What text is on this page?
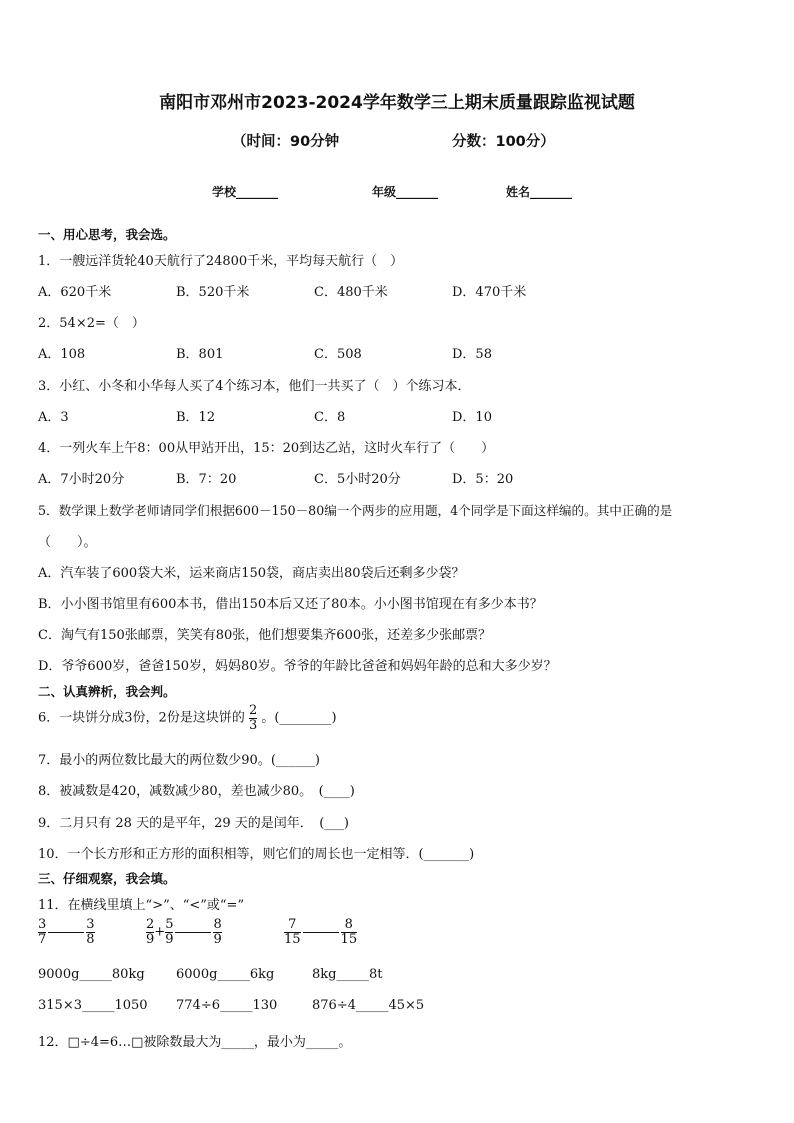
南阳市邓州市2023-2024学年数学三上期末质量跟踪监视试题
（时间：90分钟	分数：100分）
学校_______	年级_______	姓名_______
一、用心思考，我会选。
1．一艘远洋货轮40天航行了24800千米，平均每天航行（　）
A．620千米	B．520千米	C．480千米	D．470千米
2．54×2=（　）
A．108	B．801	C．508	D．58
3．小红、小冬和小华每人买了4个练习本，他们一共买了（　）个练习本．
A．3	B．12	C．8	D．10
4．一列火车上午8：00从甲站开出，15：20到达乙站，这时火车行了（　　）
A．7小时20分	B．7：20	C．5小时20分	D．5：20
5．数学课上数学老师请同学们根据600－150－80编一个两步的应用题，4个同学是下面这样编的。其中正确的是
（　　）。
A．汽车装了600袋大米，运来商店150袋，商店卖出80袋后还剩多少袋？
B．小小图书馆里有600本书，借出150本后又还了80本。小小图书馆现在有多少本书？
C．淘气有150张邮票，笑笑有80张，他们想要集齐600张，还差多少张邮票？
D．爷爷600岁，爸爸150岁，妈妈80岁。爷爷的年龄比爸爸和妈妈年龄的总和大多少岁？
二、认真辨析，我会判。
6．一块饼分成3份，2份是这块饼的 $\frac{2}{3}$ 。(________)
7．最小的两位数比最大的两位数少90。(______)
8．被减数是420，减数减少80，差也减少80。　(____)
9．二月只有 28 天的是平年，29 天的是闰年．　(___)
10．一个长方形和正方形的面积相等，则它们的周长也一定相等．(_______)
三、仔细观察，我会填。
11．在横线里填上“>”、“<”或“=”
$\frac{3}{7}$	$\frac{3}{8}$	$\frac{2}{9} + \frac{5}{9}$	$\frac{8}{9}$	$\frac{7}{15}$	$\frac{8}{15}$
9000g_____80kg 6000g_____6kg	8kg_____8t
315×3_____1050 774÷6_____130	876÷4_____45×5
12．□÷4=6…□被除数最大为_____，最小为_____。
